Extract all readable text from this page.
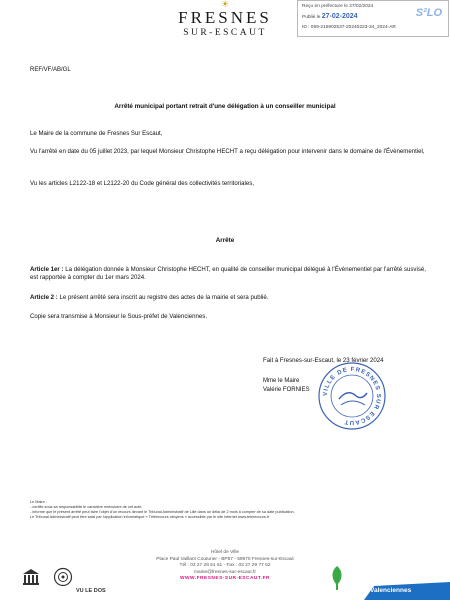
☀
FRESNES
SUR-ESCAUT
Reçu en préfecture le 27/02/2024
Publié le 27-02-2024
ID : 059-215902537-20240223-34_2024-AR
S²LO
REF/VF/AB/GL
Arrêté municipal portant retrait d'une délégation à un conseiller municipal
Le Maire de la commune de Fresnes Sur Escaut,
Vu l'arrêté en date du 05 juillet 2023, par lequel Monsieur Christophe HECHT a reçu délégation pour intervenir dans le domaine de l'Évènementiel,
Vu les articles L2122-18 et L2122-20 du Code général des collectivités territoriales,
Arrête
Article 1er : La délégation donnée à Monsieur Christophe HECHT, en qualité de conseiller municipal délégué à l'Évènementiel par l'arrêté susvisé, est rapportée à compter du 1er mars 2024.
Article 2 : Le présent arrêté sera inscrit au registre des actes de la mairie et sera publié.
Copie sera transmise à Monsieur le Sous-préfet de Valenciennes.
Fait à Fresnes-sur-Escaut, le 23 février 2024
Mme le Maire
Valérie FORNIES
VILLE DE FRESNES SUR ESCAUT
Le Maire :
- certifie sous sa responsabilité le caractère exécutoire de cet acte,
- informe que le présent arrêté peut faire l'objet d'un recours devant le Tribunal Administratif de Lille dans un délai de 2 mois à compter de sa date publication.
Le Tribunal Administratif peut être saisi par l'application informatique « Télérecours citoyens » accessible par le site internet www.telerecours.fr
Hôtel de Ville
Place Paul Vaillant Couturier - BP57 - 59970 Fresnes-sur-Escaut
Tél : 03 27 28 51 51 - Fax : 03 27 29 77 52
mairie@fresnes-sur-escaut.fr
WWW.FRESNES-SUR-ESCAUT.FR
VU LE DOS	Valenciennes
